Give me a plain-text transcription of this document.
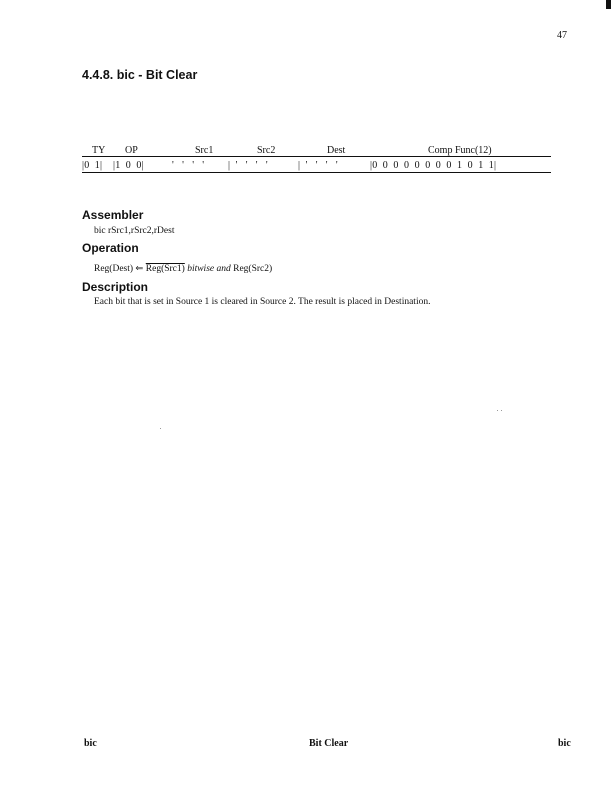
47
4.4.8. bic - Bit Clear
TY OP	Src1	Src2	Dest	Comp Func(12)
|0  1| |1  0  0|	'   '   '   ' |  '   '   '   '	|  '   '   '   '	|0  0  0  0  0  0  0  0  1  0  1  1|
Assembler
bic rSrc1,rSrc2,rDest
Operation
Reg(Dest) ⇐ Reg(Src1) bitwise and Reg(Src2)
Description
Each bit that is set in Source 1 is cleared in Source 2. The result is placed in Destination.
bic	Bit Clear	bic
